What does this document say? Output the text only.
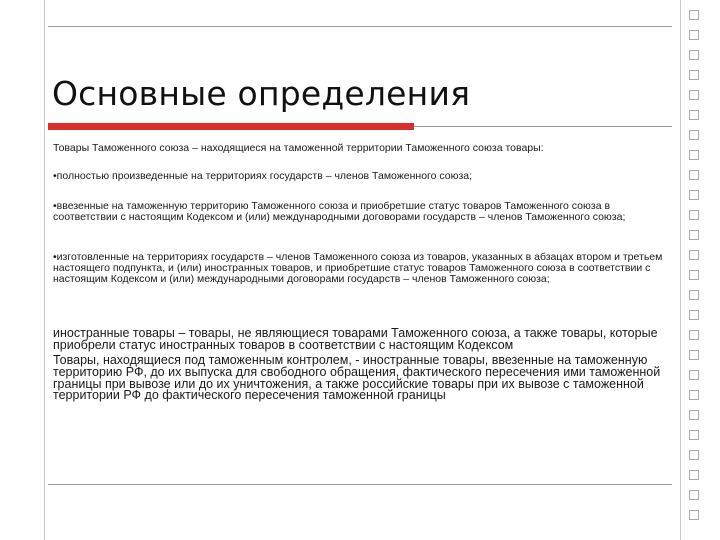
Основные определения
Товары Таможенного союза – находящиеся на таможенной территории Таможенного союза товары:
•полностью произведенные на территориях государств – членов Таможенного союза;
•ввезенные на таможенную территорию Таможенного союза и приобретшие статус товаров Таможенного союза в соответствии с настоящим Кодексом и (или) международными договорами государств – членов Таможенного союза;
•изготовленные на территориях государств – членов Таможенного союза из товаров, указанных в абзацах втором и третьем настоящего подпункта, и (или) иностранных товаров, и приобретшие статус товаров Таможенного союза в соответствии с настоящим Кодексом и (или) международными договорами государств – членов Таможенного союза;
иностранные товары – товары, не являющиеся товарами Таможенного союза, а также товары, которые приобрели статус иностранных товаров в соответствии с настоящим Кодексом
Товары, находящиеся под таможенным контролем, - иностранные товары, ввезенные на таможенную территорию РФ, до их выпуска для свободного обращения, фактического пересечения ими таможенной границы при вывозе или до их уничтожения, а также российские товары при их вывозе с таможенной территории РФ до фактического пересечения таможенной границы
